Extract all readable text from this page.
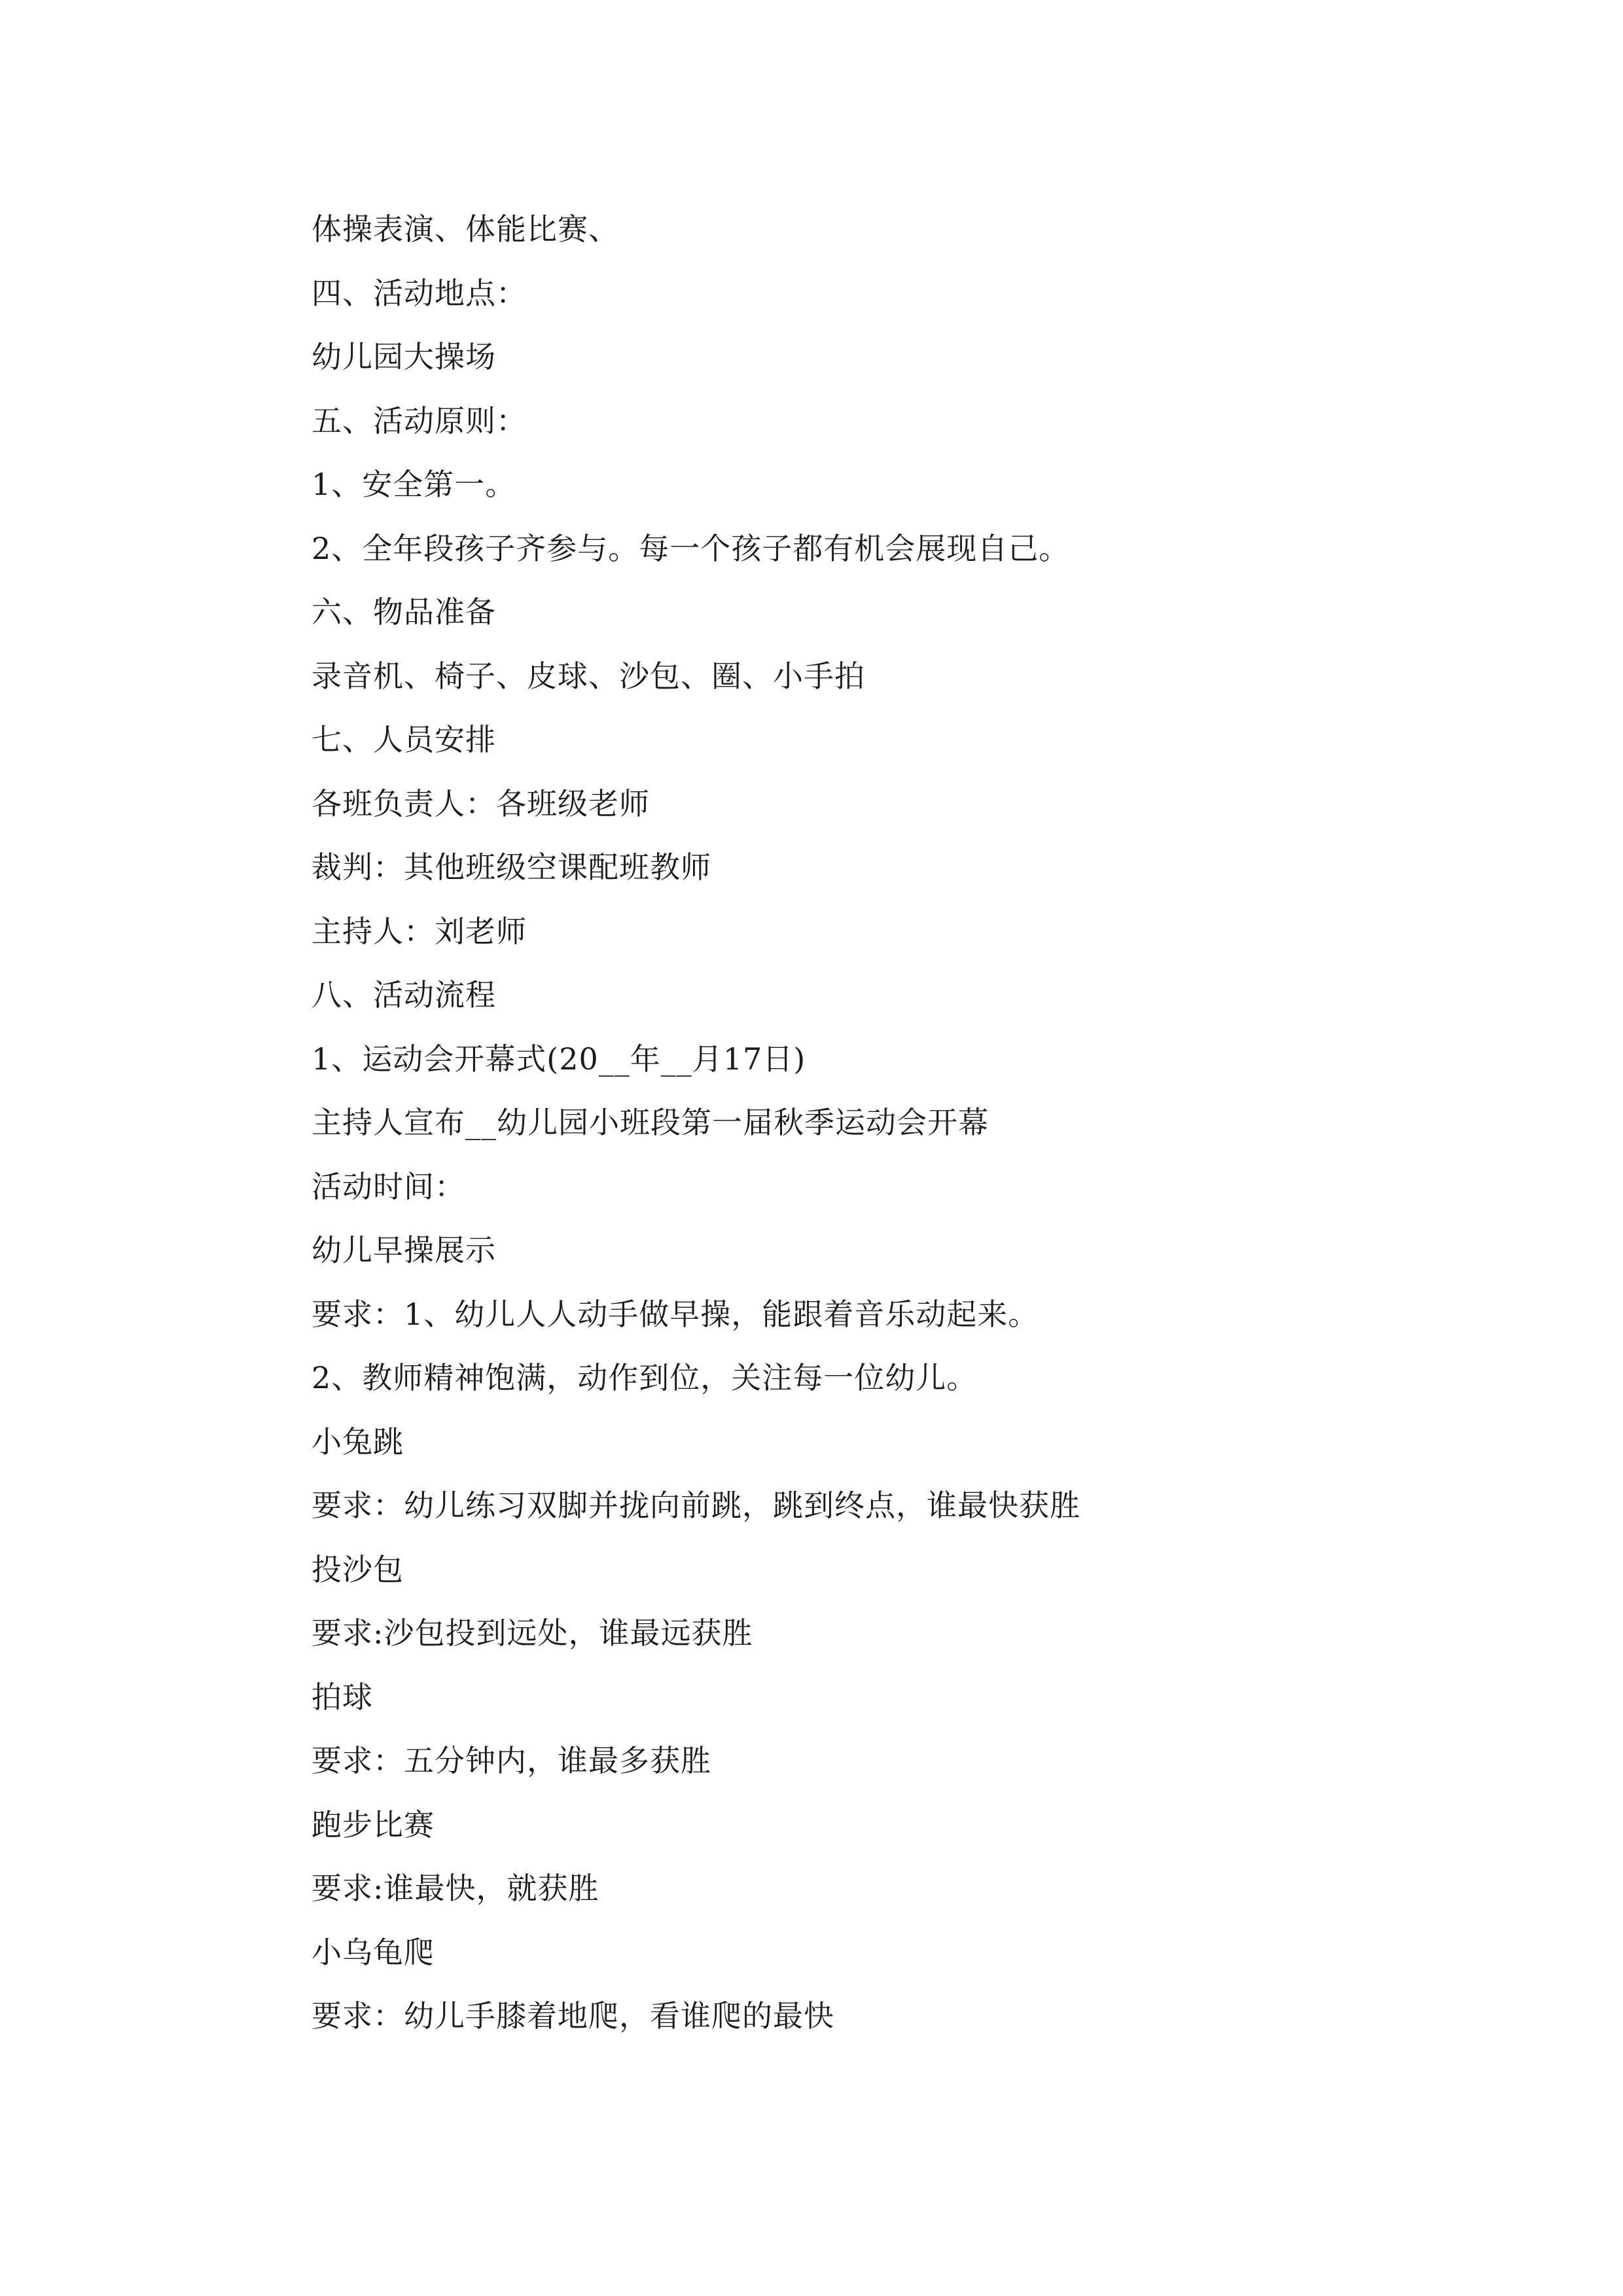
体操表演、体能比赛、
四、活动地点：
幼儿园大操场
五、活动原则：
1、安全第一。
2、全年段孩子齐参与。每一个孩子都有机会展现自己。
六、物品准备
录音机、椅子、皮球、沙包、圈、小手拍
七、人员安排
各班负责人：各班级老师
裁判：其他班级空课配班教师
主持人：刘老师
八、活动流程
1、运动会开幕式(20__年__月17日)
主持人宣布__幼儿园小班段第一届秋季运动会开幕
活动时间：
幼儿早操展示
要求：1、幼儿人人动手做早操，能跟着音乐动起来。
2、教师精神饱满，动作到位，关注每一位幼儿。
小兔跳
要求：幼儿练习双脚并拢向前跳，跳到终点，谁最快获胜
投沙包
要求:沙包投到远处，谁最远获胜
拍球
要求：五分钟内，谁最多获胜
跑步比赛
要求:谁最快，就获胜
小乌龟爬
要求：幼儿手膝着地爬，看谁爬的最快
